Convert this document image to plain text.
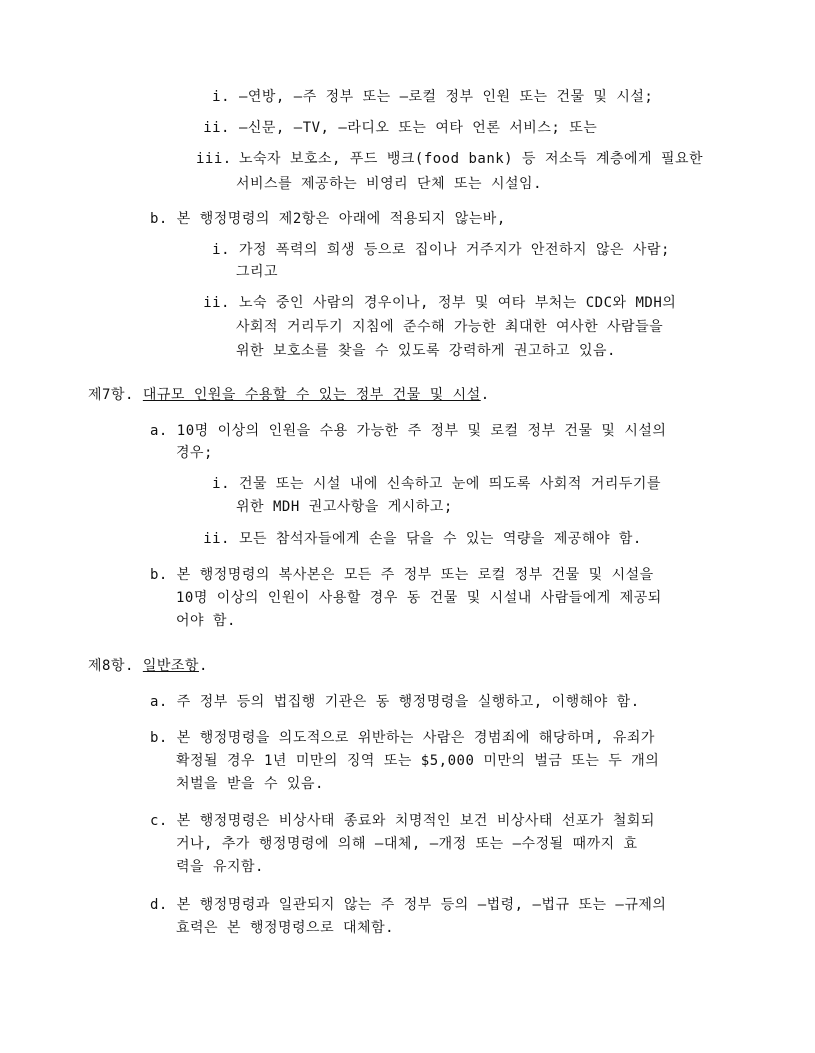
i. –연방, –주 정부 또는 –로컬 정부 인원 또는 건물 및 시설;
ii. –신문, –TV, –라디오 또는 여타 언론 서비스; 또는
iii. 노숙자 보호소, 푸드 뱅크(food bank) 등 저소득 계층에게 필요한
서비스를 제공하는 비영리 단체 또는 시설임.
b. 본 행정명령의 제2항은 아래에 적용되지 않는바,
i. 가정 폭력의 희생 등으로 집이나 거주지가 안전하지 않은 사람;
그리고
ii. 노숙 중인 사람의 경우이나, 정부 및 여타 부처는 CDC와 MDH의
사회적 거리두기 지침에 준수해 가능한 최대한 여사한 사람들을
위한 보호소를 찾을 수 있도록 강력하게 권고하고 있음.
제7항. 대규모 인원을 수용할 수 있는 정부 건물 및 시설.
a. 10명 이상의 인원을 수용 가능한 주 정부 및 로컬 정부 건물 및 시설의
경우;
i. 건물 또는 시설 내에 신속하고 눈에 띄도록 사회적 거리두기를
위한 MDH 권고사항을 게시하고;
ii. 모든 참석자들에게 손을 닦을 수 있는 역량을 제공해야 함.
b. 본 행정명령의 복사본은 모든 주 정부 또는 로컬 정부 건물 및 시설을
10명 이상의 인원이 사용할 경우 동 건물 및 시설내 사람들에게 제공되
어야 함.
제8항. 일반조항.
a. 주 정부 등의 법집행 기관은 동 행정명령을 실행하고, 이행해야 함.
b. 본 행정명령을 의도적으로 위반하는 사람은 경범죄에 해당하며, 유죄가
확정될 경우 1년 미만의 징역 또는 $5,000 미만의 벌금 또는 두 개의
처벌을 받을 수 있음.
c. 본 행정명령은 비상사태 종료와 치명적인 보건 비상사태 선포가 철회되
거나, 추가 행정명령에 의해 –대체, –개정 또는 –수정될 때까지 효
력을 유지함.
d. 본 행정명령과 일관되지 않는 주 정부 등의 –법령, –법규 또는 –규제의
효력은 본 행정명령으로 대체함.
